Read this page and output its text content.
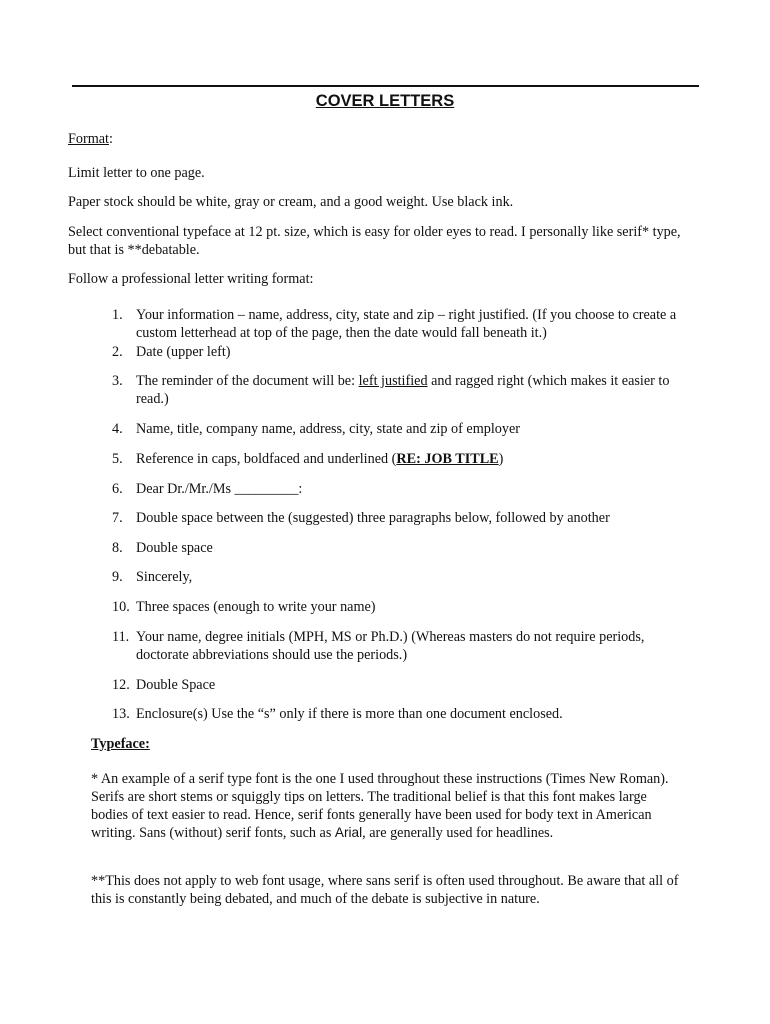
COVER LETTERS
Format:
Limit letter to one page.
Paper stock should be white, gray or cream, and a good weight. Use black ink.
Select conventional typeface at 12 pt. size, which is easy for older eyes to read. I personally like serif* type, but that is **debatable.
Follow a professional letter writing format:
1. Your information – name, address, city, state and zip – right justified. (If you choose to create a custom letterhead at top of the page, then the date would fall beneath it.)
2. Date (upper left)
3. The reminder of the document will be: left justified and ragged right (which makes it easier to read.)
4. Name, title, company name, address, city, state and zip of employer
5. Reference in caps, boldfaced and underlined (RE: JOB TITLE)
6. Dear Dr./Mr./Ms _________:
7. Double space between the (suggested) three paragraphs below, followed by another
8. Double space
9. Sincerely,
10. Three spaces (enough to write your name)
11. Your name, degree initials (MPH, MS or Ph.D.) (Whereas masters do not require periods, doctorate abbreviations should use the periods.)
12. Double Space
13. Enclosure(s) Use the “s” only if there is more than one document enclosed.
Typeface:
* An example of a serif type font is the one I used throughout these instructions (Times New Roman). Serifs are short stems or squiggly tips on letters. The traditional belief is that this font makes large bodies of text easier to read. Hence, serif fonts generally have been used for body text in American writing. Sans (without) serif fonts, such as Arial, are generally used for headlines.
**This does not apply to web font usage, where sans serif is often used throughout. Be aware that all of this is constantly being debated, and much of the debate is subjective in nature.
